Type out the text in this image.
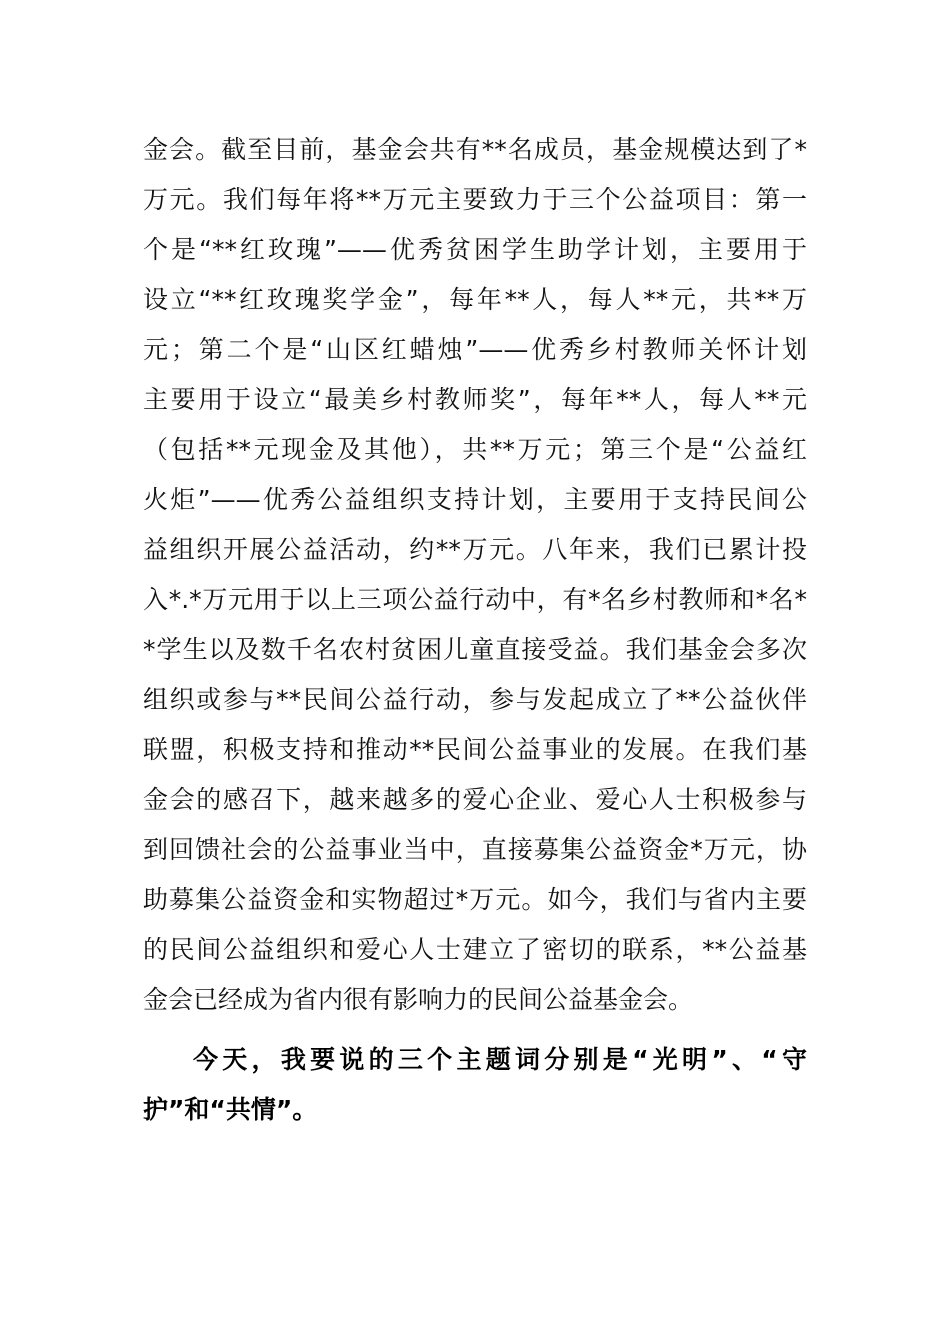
金会。截至目前，基金会共有**名成员，基金规模达到了*
万元。我们每年将**万元主要致力于三个公益项目：第一
个是“**红玫瑰”——优秀贫困学生助学计划，主要用于
设立“**红玫瑰奖学金”，每年**人，每人**元，共**万
元；第二个是“山区红蜡烛”——优秀乡村教师关怀计划
主要用于设立“最美乡村教师奖”，每年**人，每人**元
（包括**元现金及其他），共**万元；第三个是“公益红
火炬”——优秀公益组织支持计划，主要用于支持民间公
益组织开展公益活动，约**万元。八年来，我们已累计投
入*.*万元用于以上三项公益行动中，有*名乡村教师和*名*
*学生以及数千名农村贫困儿童直接受益。我们基金会多次
组织或参与**民间公益行动，参与发起成立了**公益伙伴
联盟，积极支持和推动**民间公益事业的发展。在我们基
金会的感召下，越来越多的爱心企业、爱心人士积极参与
到回馈社会的公益事业当中，直接募集公益资金*万元，协
助募集公益资金和实物超过*万元。如今，我们与省内主要
的民间公益组织和爱心人士建立了密切的联系，**公益基
金会已经成为省内很有影响力的民间公益基金会。
今天，我要说的三个主题词分别是“光明”、“守
护”和“共情”。
